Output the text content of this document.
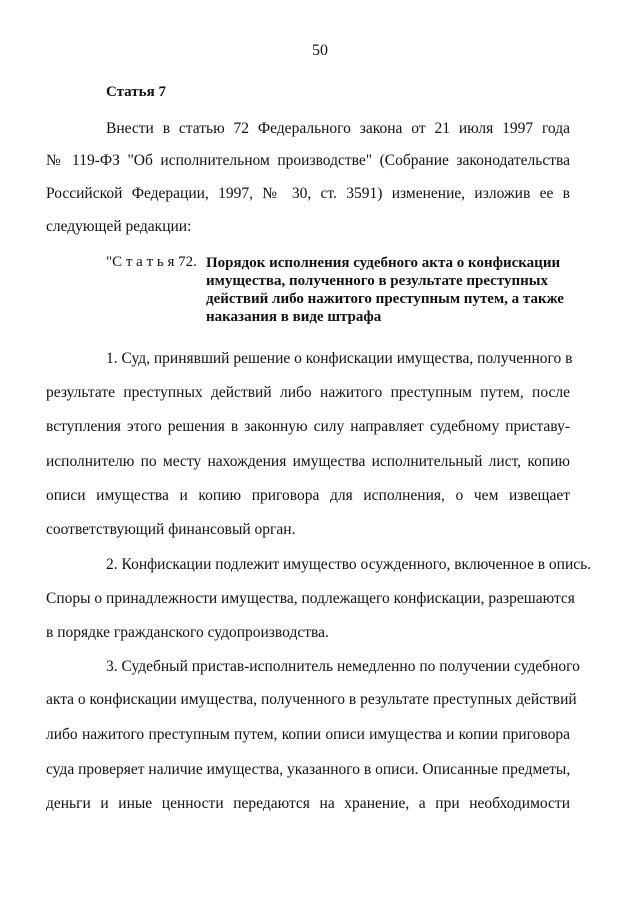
50
Статья 7
Внести в статью 72 Федерального закона от 21 июля 1997 года
№ 119-ФЗ "Об исполнительном производстве" (Собрание законодательства
Российской Федерации, 1997, № 30, ст. 3591) изменение, изложив ее в
следующей редакции:
"С т а т ь я 72. Порядок исполнения судебного акта о конфискации
имущества, полученного в результате преступных
действий либо нажитого преступным путем, а также
наказания в виде штрафа
1. Суд, принявший решение о конфискации имущества, полученного в
результате преступных действий либо нажитого преступным путем, после
вступления этого решения в законную силу направляет судебному приставу-
исполнителю по месту нахождения имущества исполнительный лист, копию
описи имущества и копию приговора для исполнения, о чем извещает
соответствующий финансовый орган.
2. Конфискации подлежит имущество осужденного, включенное в опись.
Споры о принадлежности имущества, подлежащего конфискации, разрешаются
в порядке гражданского судопроизводства.
3. Судебный пристав-исполнитель немедленно по получении судебного
акта о конфискации имущества, полученного в результате преступных действий
либо нажитого преступным путем, копии описи имущества и копии приговора
суда проверяет наличие имущества, указанного в описи. Описанные предметы,
деньги и иные ценности передаются на хранение, а при необходимости
